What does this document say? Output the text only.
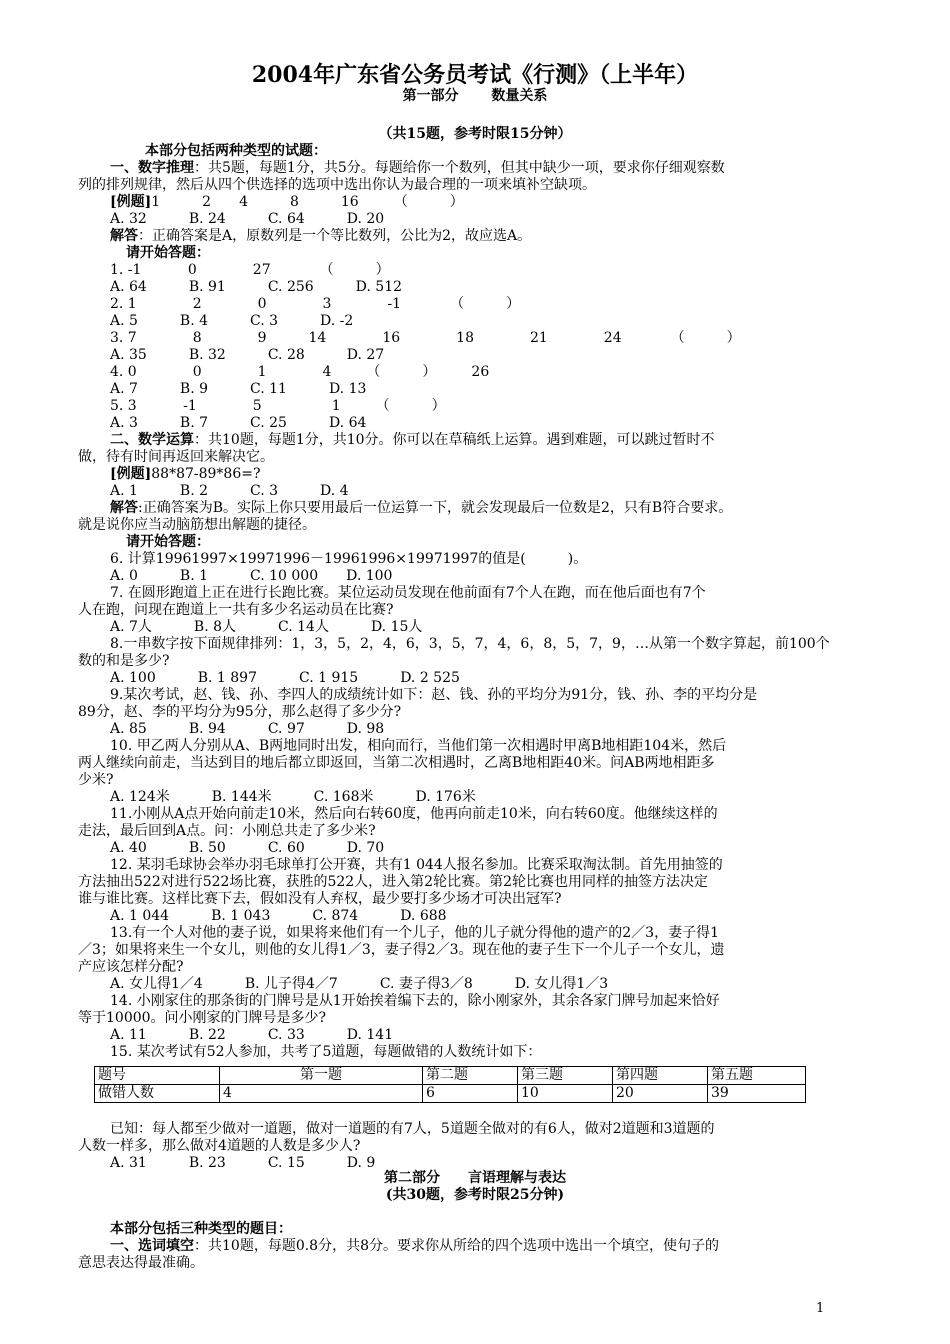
2004年广东省公务员考试《行测》（上半年）
第一部分 　　数量关系
（共15题，参考时限15分钟）
本部分包括两种类型的试题：
一、数字推理：共5题，每题1分，共5分。每题给你一个数列，但其中缺少一项，要求你仔细观察数
列的排列规律，然后从四个供选择的选项中选出你认为最合理的一项来填补空缺项。
[例题]1　　　2　　4　　　8　　　16　　　（　　　）
A. 32　　　B. 24　　　C. 64　　　D. 20
解答：正确答案是A，原数列是一个等比数列，公比为2，故应选A。
请开始答题：
1. -1　　　 0　　　　27　　　　（　　　）
A. 64　　　B. 91　　　C. 256　　　D. 512
2. 1　　　　2　　　　0　　　　3　　　　-1　　　　（　　　）
A. 5　　　B. 4　　　C. 3　　　D. -2
3. 7　　　　8　　　　9　　　14　　　　16　　　　18　　　　21　　　　24　　　　（　　　）
A. 35　　　B. 32　　　C. 28　　　D. 27
4. 0　　　　0　　　　1　　　　4　　　（　　　）　　　26
A. 7　　　B. 9　　　C. 11　　　D. 13
5. 3　　　 -1　　　　5　　　　　1　　　（　　　）
A. 3　　　B. 7　　　C. 25　　　D. 64
二、数学运算：共10题，每题1分，共10分。你可以在草稿纸上运算。遇到难题，可以跳过暂时不
做，待有时间再返回来解决它。
[例题]88*87-89*86=?
A. 1　　　B. 2　　　C. 3　　　D. 4
解答:正确答案为B。实际上你只要用最后一位运算一下，就会发现最后一位数是2，只有B符合要求。
就是说你应当动脑筋想出解题的捷径。
请开始答题：
6. 计算19961997×19971996－19961996×19971997的值是(　　　)。
A. 0　　　B. 1　　　C. 10 000　　D. 100
7. 在圆形跑道上正在进行长跑比赛。某位运动员发现在他前面有7个人在跑，而在他后面也有7个
人在跑，问现在跑道上一共有多少名运动员在比赛?
A. 7人　　　B. 8人　　　C. 14人　　　D. 15人
8.一串数字按下面规律排列：1，3，5，2，4，6，3，5，7，4，6，8，5，7，9，…从第一个数字算起，前100个
数的和是多少?
A. 100　　　B. 1 897　　　C. 1 915　　　D. 2 525
9.某次考试，赵、钱、孙、李四人的成绩统计如下：赵、钱、孙的平均分为91分，钱、孙、李的平均分是
89分，赵、李的平均分为95分，那么赵得了多少分?
A. 85　　　B. 94　　　C. 97　　　D. 98
10. 甲乙两人分别从A、B两地同时出发，相向而行，当他们第一次相遇时甲离B地相距104米，然后
两人继续向前走，当达到目的地后都立即返回，当第二次相遇时，乙离B地相距40米。问AB两地相距多
少米?
A. 124米　　　B. 144米　　　C. 168米　　　D. 176米
11.小刚从A点开始向前走10米，然后向右转60度，他再向前走10米，向右转60度。他继续这样的
走法，最后回到A点。问：小刚总共走了多少米?
A. 40　　　B. 50　　　C. 60　　　D. 70
12. 某羽毛球协会举办羽毛球单打公开赛，共有1 044人报名参加。比赛采取淘汰制。首先用抽签的
方法抽出522对进行522场比赛，获胜的522人，进入第2轮比赛。第2轮比赛也用同样的抽签方法决定
谁与谁比赛。这样比赛下去，假如没有人弃权，最少要打多少场才可决出冠军?
A. 1 044　　　B. 1 043　　　C. 874　　　D. 688
13.有一个人对他的妻子说，如果将来他们有一个儿子，他的儿子就分得他的遗产的2／3，妻子得1
／3；如果将来生一个女儿，则他的女儿得1／3，妻子得2／3。现在他的妻子生下一个儿子一个女儿，遗
产应该怎样分配?
A. 女儿得1／4　　　B. 儿子得4／7　　　C. 妻子得3／8　　　D. 女儿得1／3
14. 小刚家住的那条街的门牌号是从1开始挨着编下去的，除小刚家外，其余各家门牌号加起来恰好
等于10000。问小刚家的门牌号是多少?
A. 11　　　B. 22　　　C. 33　　　D. 141
15. 某次考试有52人参加，共考了5道题，每题做错的人数统计如下：
题号	第一题	第二题	第三题	第四题	第五题
做错人数	4	6	10	20	39
已知：每人都至少做对一道题，做对一道题的有7人，5道题全做对的有6人，做对2道题和3道题的
人数一样多，那么做对4道题的人数是多少人?
A. 31　　　B. 23　　　C. 15　　　D. 9
第二部分　　言语理解与表达
(共30题，参考时限25分钟)
本部分包括三种类型的题目：
一、选词填空：共10题，每题0.8分，共8分。要求你从所给的四个选项中选出一个填空，使句子的
意思表达得最准确。
1
